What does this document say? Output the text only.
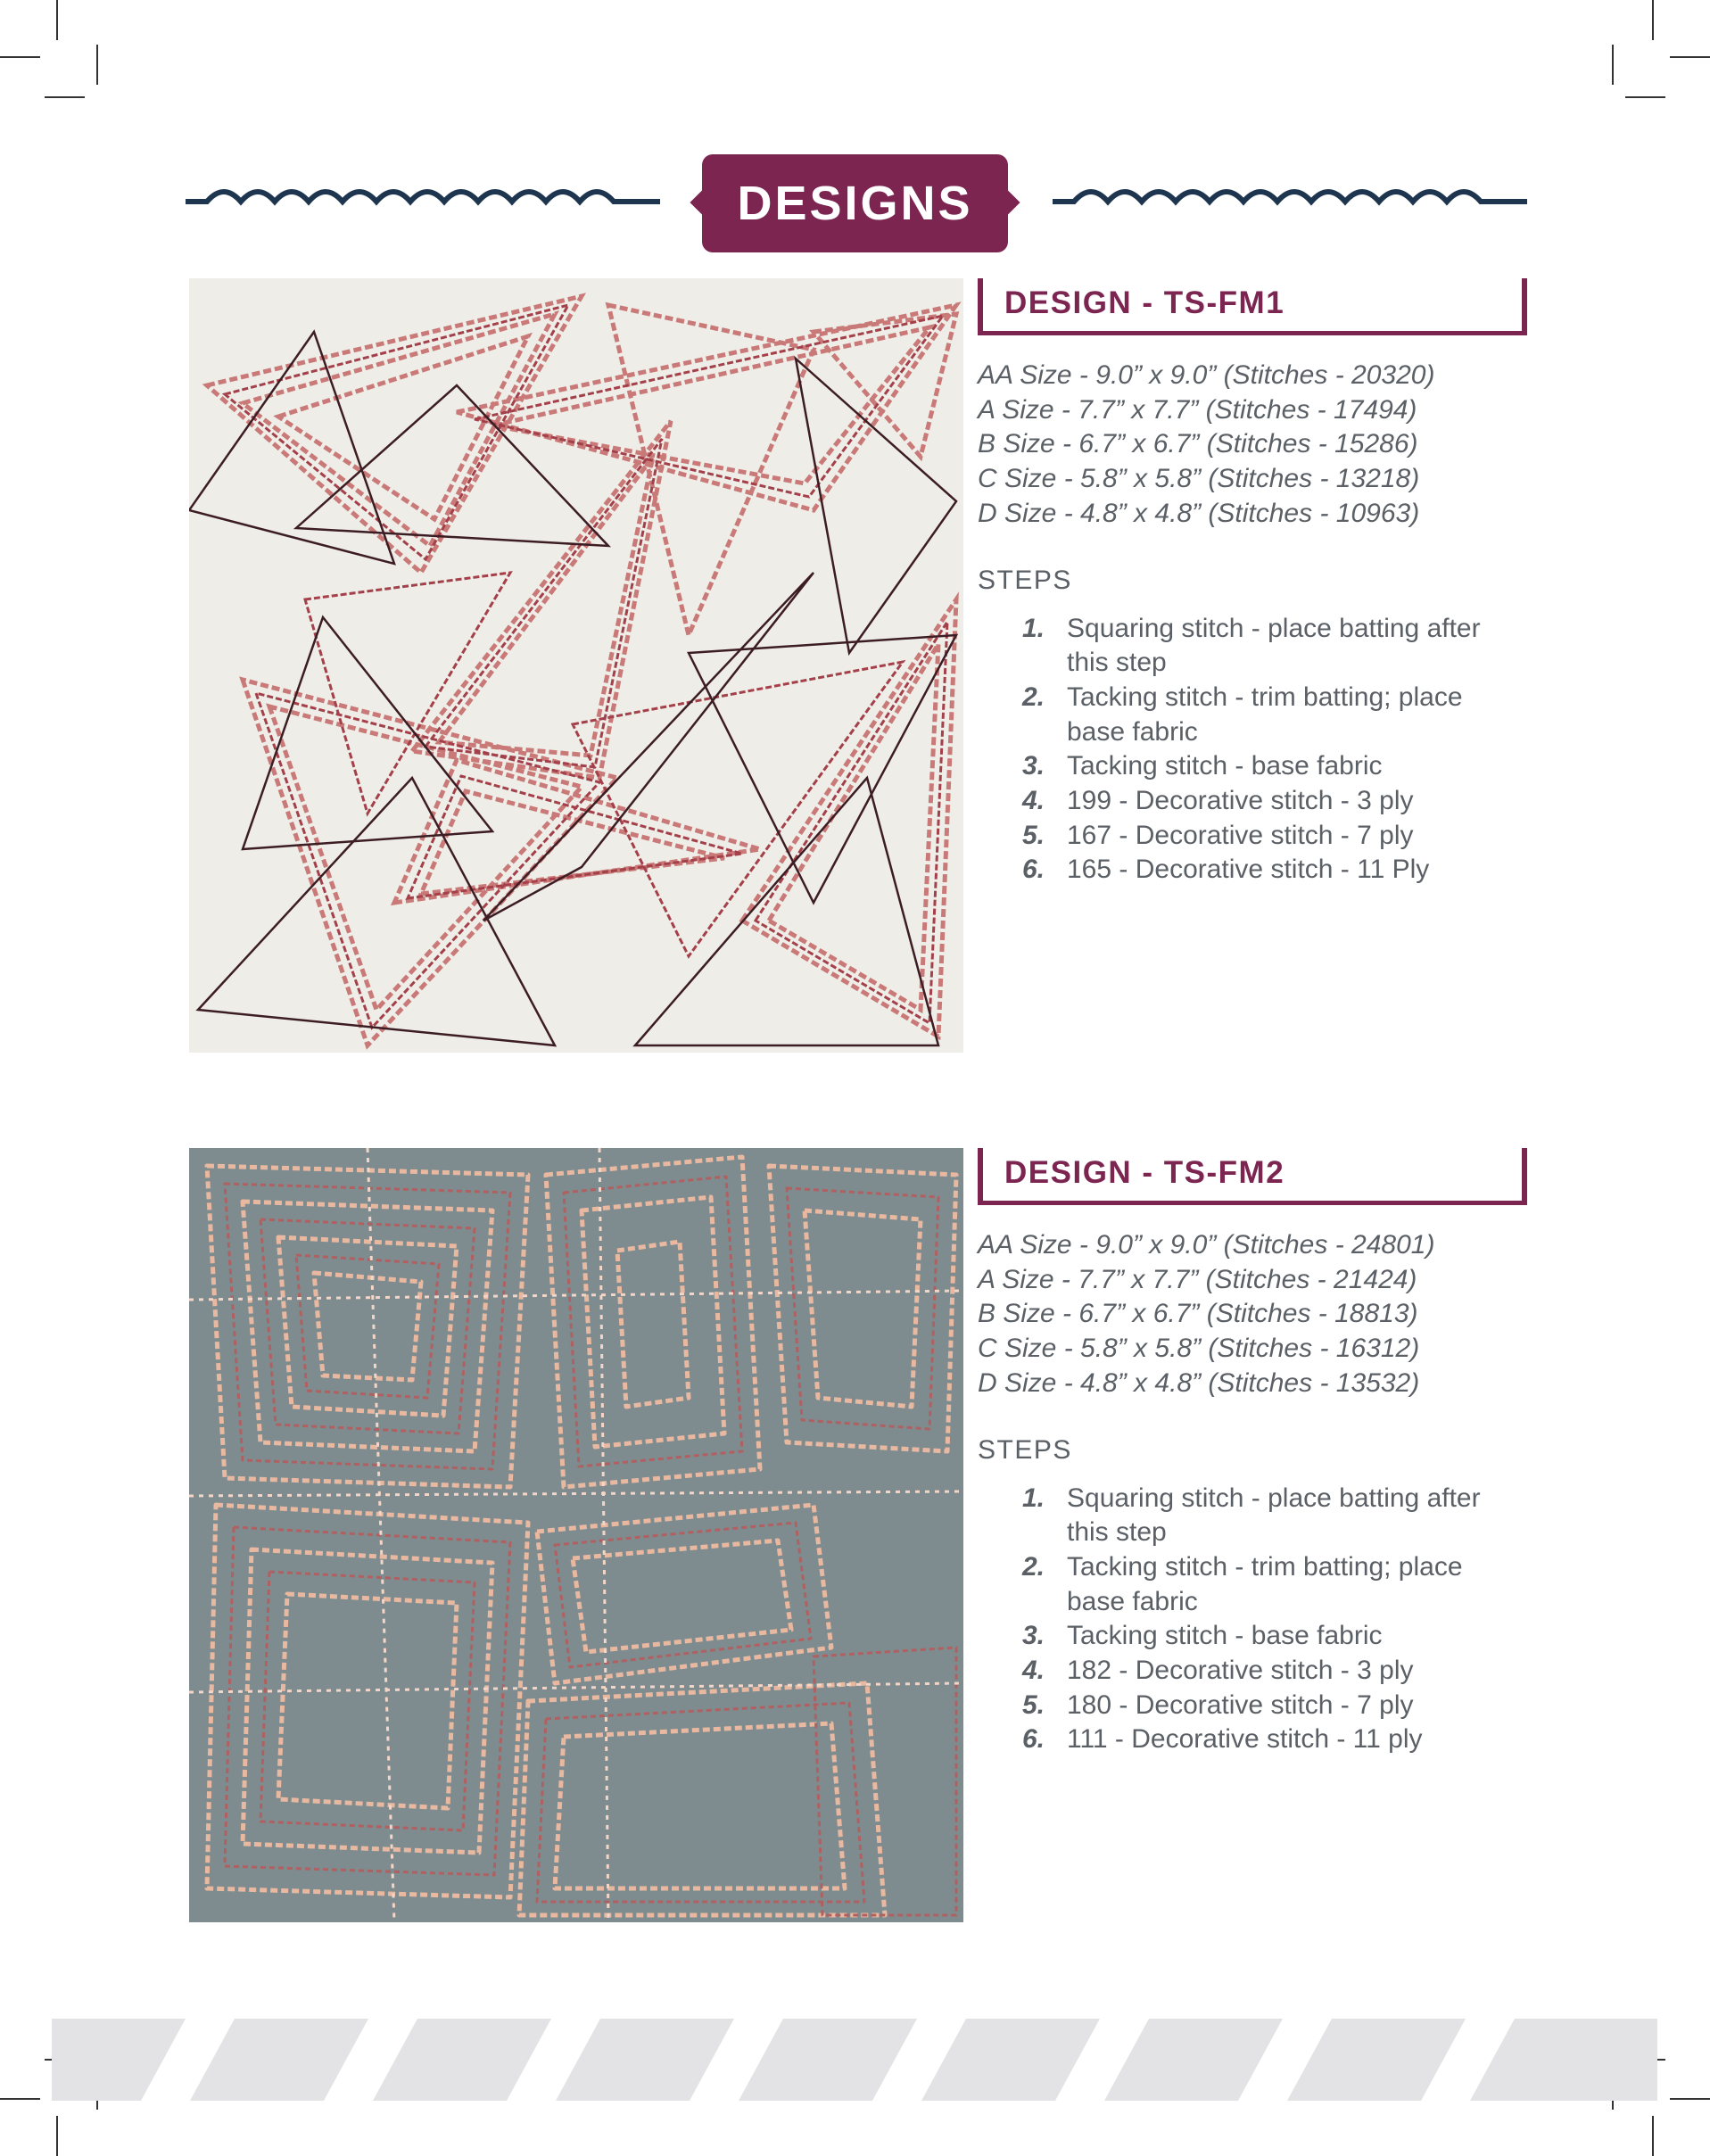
DESIGNS
DESIGN - TS-FM1
AA Size - 9.0” x 9.0” (Stitches - 20320)
A Size - 7.7” x 7.7” (Stitches - 17494)
B Size - 6.7” x 6.7” (Stitches - 15286)
C Size - 5.8” x 5.8” (Stitches - 13218)
D Size - 4.8” x 4.8” (Stitches - 10963)
STEPS
1. Squaring stitch - place batting after this step
2. Tacking stitch - trim batting; place base fabric
3. Tacking stitch - base fabric
4. 199 - Decorative stitch - 3 ply
5. 167 - Decorative stitch - 7 ply
6. 165 - Decorative stitch - 11 Ply
DESIGN - TS-FM2
AA Size - 9.0” x 9.0” (Stitches - 24801)
A Size - 7.7” x 7.7” (Stitches - 21424)
B Size - 6.7” x 6.7” (Stitches - 18813)
C Size - 5.8” x 5.8” (Stitches - 16312)
D Size - 4.8” x 4.8” (Stitches - 13532)
STEPS
1. Squaring stitch - place batting after this step
2. Tacking stitch - trim batting; place base fabric
3. Tacking stitch - base fabric
4. 182 - Decorative stitch - 3 ply
5. 180 - Decorative stitch - 7 ply
6. 111 - Decorative stitch - 11 ply
